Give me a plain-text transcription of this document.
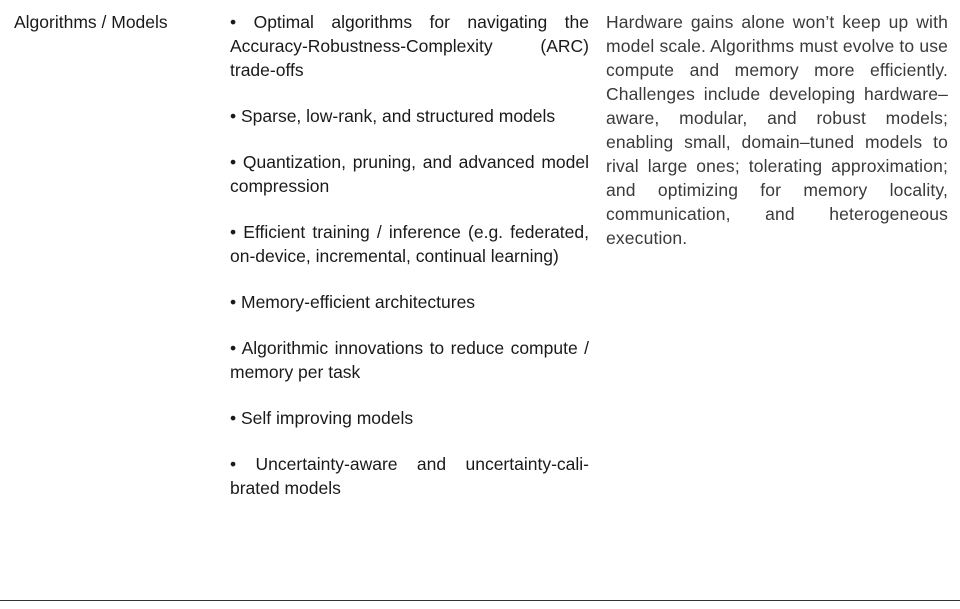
Algorithms / Models	• Optimal algorithms for navigating the Accuracy-Robustness-Complexity (ARC) trade-offs
• Sparse, low-rank, and structured models
• Quantization, pruning, and advanced model compression
• Efficient training / inference (e.g. federated, on-device, incremental, continual learning)
• Memory-efficient architectures
• Algorithmic innovations to reduce compute / memory per task
• Self improving models
• Uncertainty-aware and uncertainty-calibrated models
Hardware gains alone won’t keep up with model scale. Algorithms must evolve to use compute and memory more efficiently. Challenges include developing hardware–aware, modular, and robust models; enabling small, domain–tuned models to rival large ones; tolerating approximation; and optimizing for memory locality, communication, and heterogeneous execution.
